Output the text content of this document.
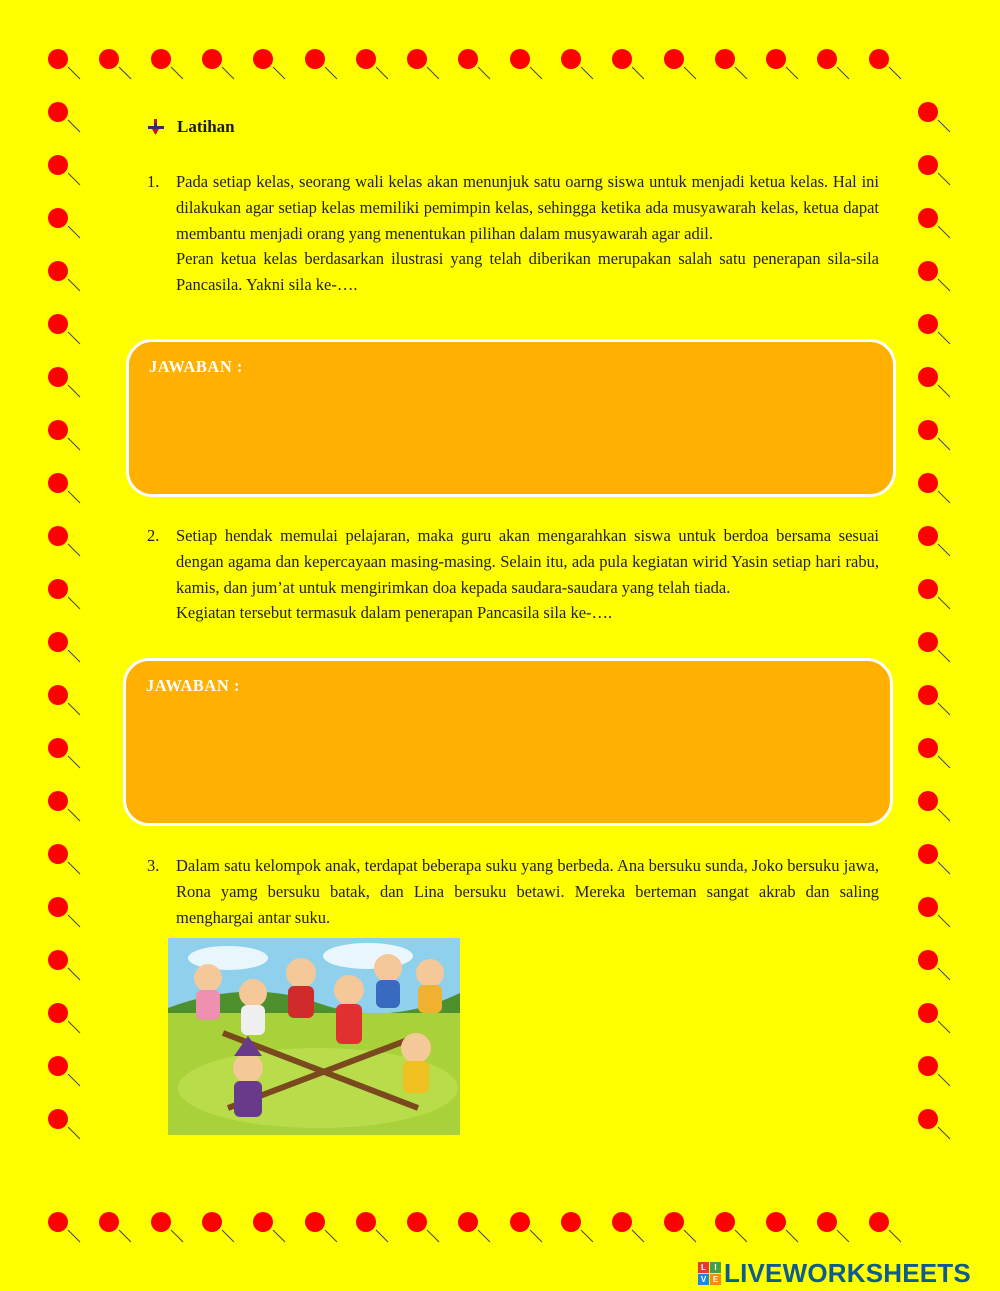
Latihan
1. Pada setiap kelas, seorang wali kelas akan menunjuk satu oarng siswa untuk menjadi ketua kelas. Hal ini dilakukan agar setiap kelas memiliki pemimpin kelas, sehingga ketika ada musyawarah kelas, ketua dapat membantu menjadi orang yang menentukan pilihan dalam musyawarah agar adil.

Peran ketua kelas berdasarkan ilustrasi yang telah diberikan merupakan salah satu penerapan sila-sila Pancasila. Yakni sila ke-….

JAWABAN :
2. Setiap hendak memulai pelajaran, maka guru akan mengarahkan siswa untuk berdoa bersama sesuai dengan agama dan kepercayaan masing-masing. Selain itu, ada pula kegiatan wirid Yasin setiap hari rabu, kamis, dan jum’at untuk mengirimkan doa kepada saudara-saudara yang telah tiada.

Kegiatan tersebut termasuk dalam penerapan Pancasila sila ke-….

JAWABAN :
3. Dalam satu kelompok anak, terdapat beberapa suku yang berbeda. Ana bersuku sunda, Joko bersuku jawa, Rona yamg bersuku batak, dan Lina bersuku betawi. Mereka berteman sangat akrab dan saling menghargai antar suku.

L	I
V E LIVEWORKSHEETS
